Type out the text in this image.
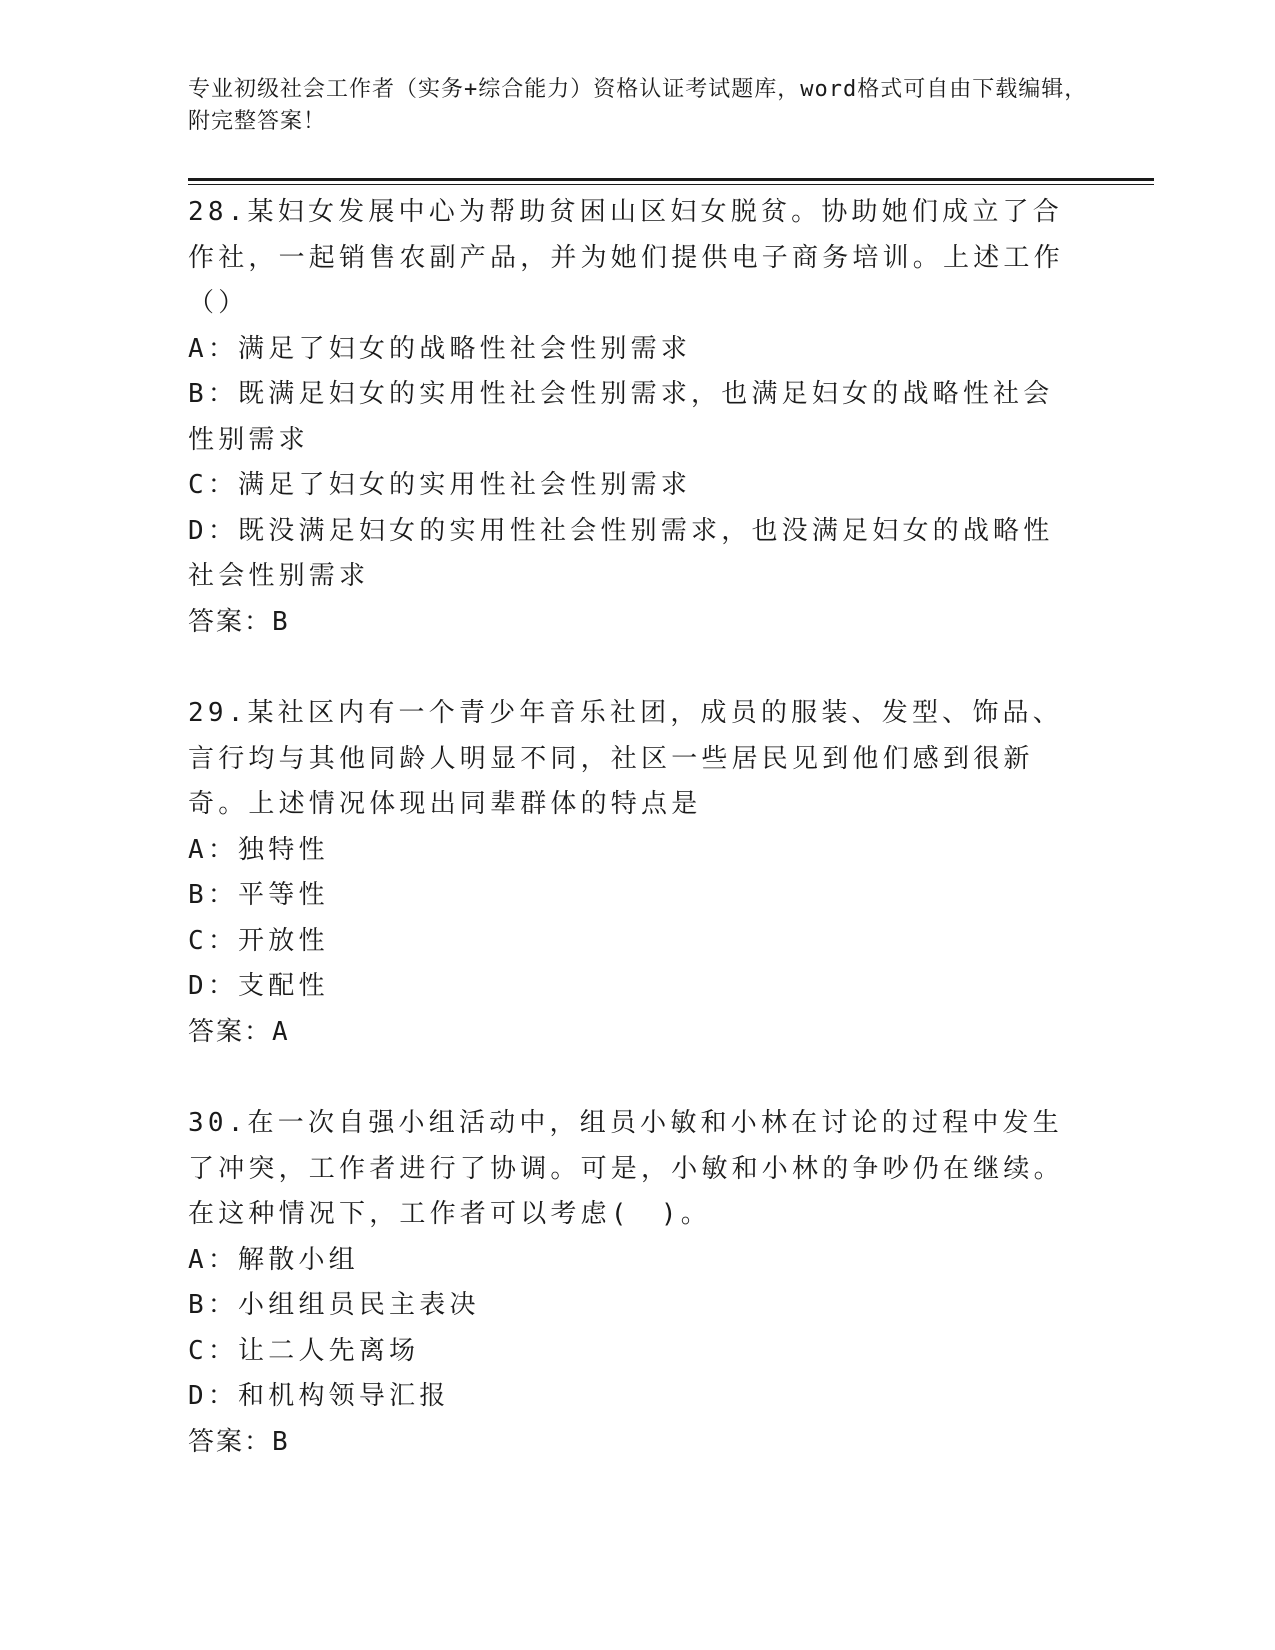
专业初级社会工作者（实务+综合能力）资格认证考试题库，word格式可自由下载编辑，附完整答案！

28.某妇女发展中心为帮助贫困山区妇女脱贫。协助她们成立了合作社，一起销售农副产品，并为她们提供电子商务培训。上述工作（）

A：满足了妇女的战略性社会性别需求

B：既满足妇女的实用性社会性别需求，也满足妇女的战略性社会性别需求

C：满足了妇女的实用性社会性别需求

D：既没满足妇女的实用性社会性别需求，也没满足妇女的战略性社会性别需求

答案：B

29.某社区内有一个青少年音乐社团，成员的服装、发型、饰品、言行均与其他同龄人明显不同，社区一些居民见到他们感到很新奇。上述情况体现出同辈群体的特点是

A：独特性

B：平等性

C：开放性

D：支配性

答案：A

30.在一次自强小组活动中，组员小敏和小林在讨论的过程中发生了冲突，工作者进行了协调。可是，小敏和小林的争吵仍在继续。在这种情况下，工作者可以考虑(　)。

A：解散小组

B：小组组员民主表决

C：让二人先离场

D：和机构领导汇报

答案：B
